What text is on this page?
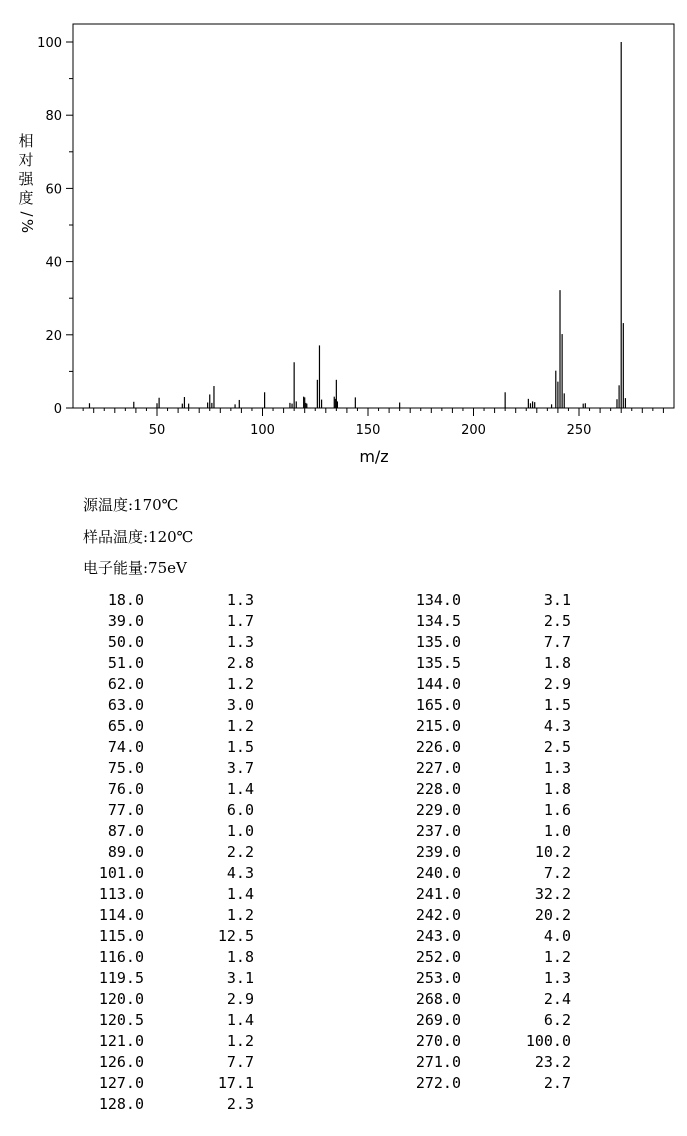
0
20
40
60
80
100
50	100	150	200	250
m/z
相
对
强
度
/
%
源温度:170℃
样品温度:120℃
电子能量:75eV
18.0	1.3
39.0	1.7
50.0	1.3
51.0	2.8
62.0	1.2
63.0	3.0
65.0	1.2
74.0	1.5
75.0	3.7
76.0	1.4
77.0	6.0
87.0	1.0
89.0	2.2
101.0	4.3
113.0	1.4
114.0	1.2
115.0	12.5
116.0	1.8
119.5	3.1
120.0	2.9
120.5	1.4
121.0	1.2
126.0	7.7
127.0	17.1
128.0	2.3
134.0	3.1
134.5	2.5
135.0	7.7
135.5	1.8
144.0	2.9
165.0	1.5
215.0	4.3
226.0	2.5
227.0	1.3
228.0	1.8
229.0	1.6
237.0	1.0
239.0	10.2
240.0	7.2
241.0	32.2
242.0	20.2
243.0	4.0
252.0	1.2
253.0	1.3
268.0	2.4
269.0	6.2
270.0	100.0
271.0	23.2
272.0	2.7
